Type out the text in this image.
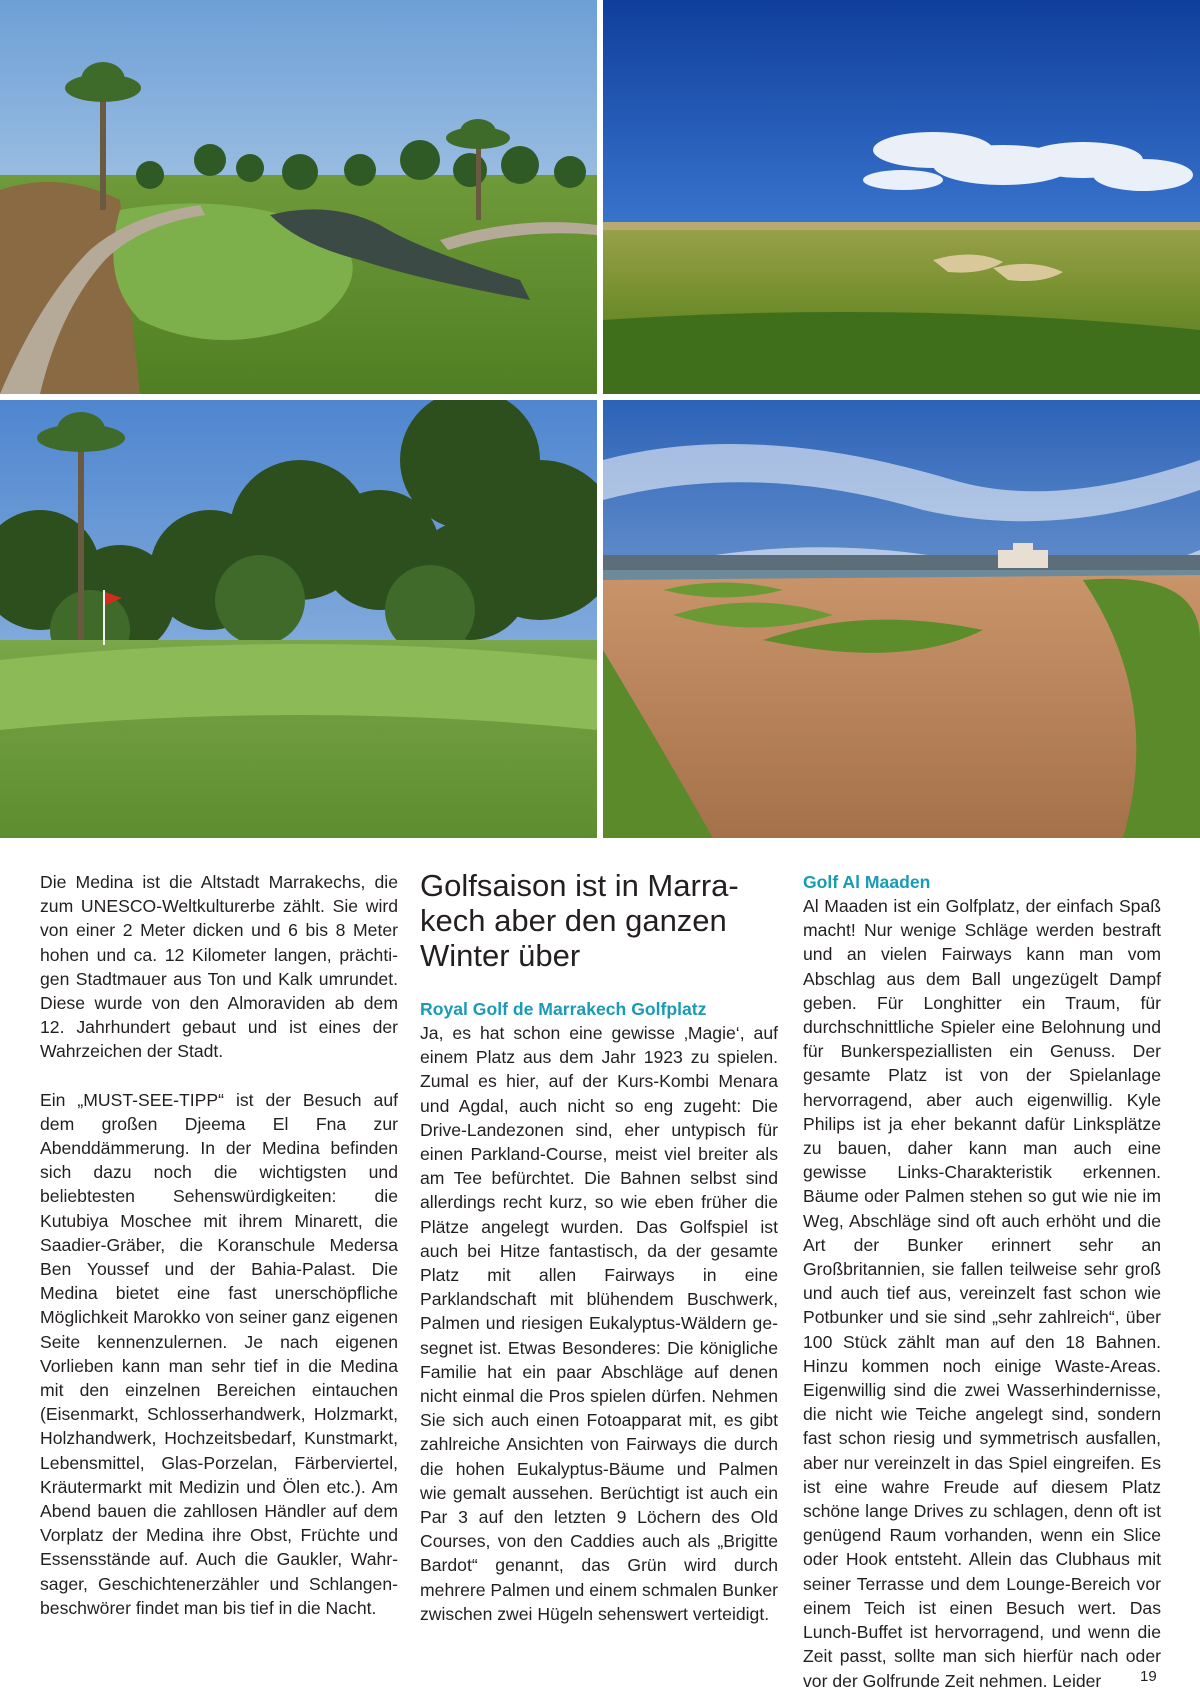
Die Medina ist die Altstadt Marrakechs, die zum UNESCO-Weltkulturerbe zählt. Sie wird von einer 2 Meter dicken und 6 bis 8 Meter hohen und ca. 12 Kilometer langen, prächtigen Stadtmauer aus Ton und Kalk umrundet. Diese wurde von den Almoraviden ab dem 12. Jahrhundert gebaut und ist eines der Wahrzeichen der Stadt.

Ein „MUST-SEE-TIPP“ ist der Besuch auf dem großen Djeema El Fna zur Abenddämmerung. In der Medina befinden sich dazu noch die wichtigsten und beliebtesten Sehenswürdigkeiten: die Kutubiya Moschee mit ihrem Minarett, die Saadier-Gräber, die Koranschule Medersa Ben Youssef und der Bahia-Palast. Die Medina bietet eine fast unerschöpfliche Möglichkeit Marokko von seiner ganz eigenen Seite kennenzulernen. Je nach eigenen Vorlieben kann man sehr tief in die Medina mit den einzelnen Bereichen eintauchen (Eisenmarkt, Schlosserhandwerk, Holzmarkt, Holzhandwerk, Hochzeitsbedarf, Kunstmarkt, Lebensmittel, Glas-Porzelan, Färberviertel, Kräutermarkt mit Medizin und Ölen etc.). Am Abend bauen die zahllosen Händler auf dem Vorplatz der Medina ihre Obst, Früchte und Essensstände auf. Auch die Gaukler, Wahrsager, Geschichtenerzähler und Schlangenbeschwörer findet man bis tief in die Nacht.

Golfsaison ist in Marrakech aber den ganzen Winter über
Royal Golf de Marrakech Golfplatz

Ja, es hat schon eine gewisse ‚Magie‘, auf einem Platz aus dem Jahr 1923 zu spielen. Zumal es hier, auf der Kurs-Kombi Menara und Agdal, auch nicht so eng zugeht: Die Drive-Landezonen sind, eher untypisch für einen Parkland-Course, meist viel breiter als am Tee befürchtet. Die Bahnen selbst sind allerdings recht kurz, so wie eben früher die Plätze angelegt wurden. Das Golfspiel ist auch bei Hitze fantastisch, da der gesamte Platz mit allen Fairways in eine Parklandschaft mit blühendem Buschwerk, Palmen und riesigen Eukalyptus-Wäldern gesegnet ist. Etwas Besonderes: Die königliche Familie hat ein paar Abschläge auf denen nicht einmal die Pros spielen dürfen. Nehmen Sie sich auch einen Fotoapparat mit, es gibt zahlreiche Ansichten von Fairways die durch die hohen Eukalyptus-Bäume und Palmen wie gemalt aussehen. Berüchtigt ist auch ein Par 3 auf den letzten 9 Löchern des Old Courses, von den Caddies auch als „Brigitte Bardot“ genannt, das Grün wird durch mehrere Palmen und einem schmalen Bunker zwischen zwei Hügeln sehenswert verteidigt.

Golf Al Maaden

Al Maaden ist ein Golfplatz, der einfach Spaß macht! Nur wenige Schläge werden bestraft und an vielen Fairways kann man vom Abschlag aus dem Ball ungezügelt Dampf geben. Für Longhitter ein Traum, für durchschnittliche Spieler eine Belohnung und für Bunkerspeziallisten ein Genuss. Der gesamte Platz ist von der Spielanlage hervorragend, aber auch eigenwillig. Kyle Philips ist ja eher bekannt dafür Linksplätze zu bauen, daher kann man auch eine gewisse Links-Charakteristik erkennen. Bäume oder Palmen stehen so gut wie nie im Weg, Abschläge sind oft auch erhöht und die Art der Bunker erinnert sehr an Großbritannien, sie fallen teilweise sehr groß und auch tief aus, vereinzelt fast schon wie Potbunker und sie sind „sehr zahlreich“, über 100 Stück zählt man auf den 18 Bahnen. Hinzu kommen noch einige Waste-Areas. Eigenwillig sind die zwei Wasserhindernisse, die nicht wie Teiche angelegt sind, sondern fast schon riesig und symmetrisch ausfallen, aber nur vereinzelt in das Spiel eingreifen. Es ist eine wahre Freude auf diesem Platz schöne lange Drives zu schlagen, denn oft ist genügend Raum vorhanden, wenn ein Slice oder Hook entsteht. Allein das Clubhaus mit seiner Terrasse und dem Lounge-Bereich vor einem Teich ist einen Besuch wert. Das Lunch-Buffet ist hervorragend, und wenn die Zeit passt, sollte man sich hierfür nach oder vor der Golfrunde Zeit nehmen. Leider	19
